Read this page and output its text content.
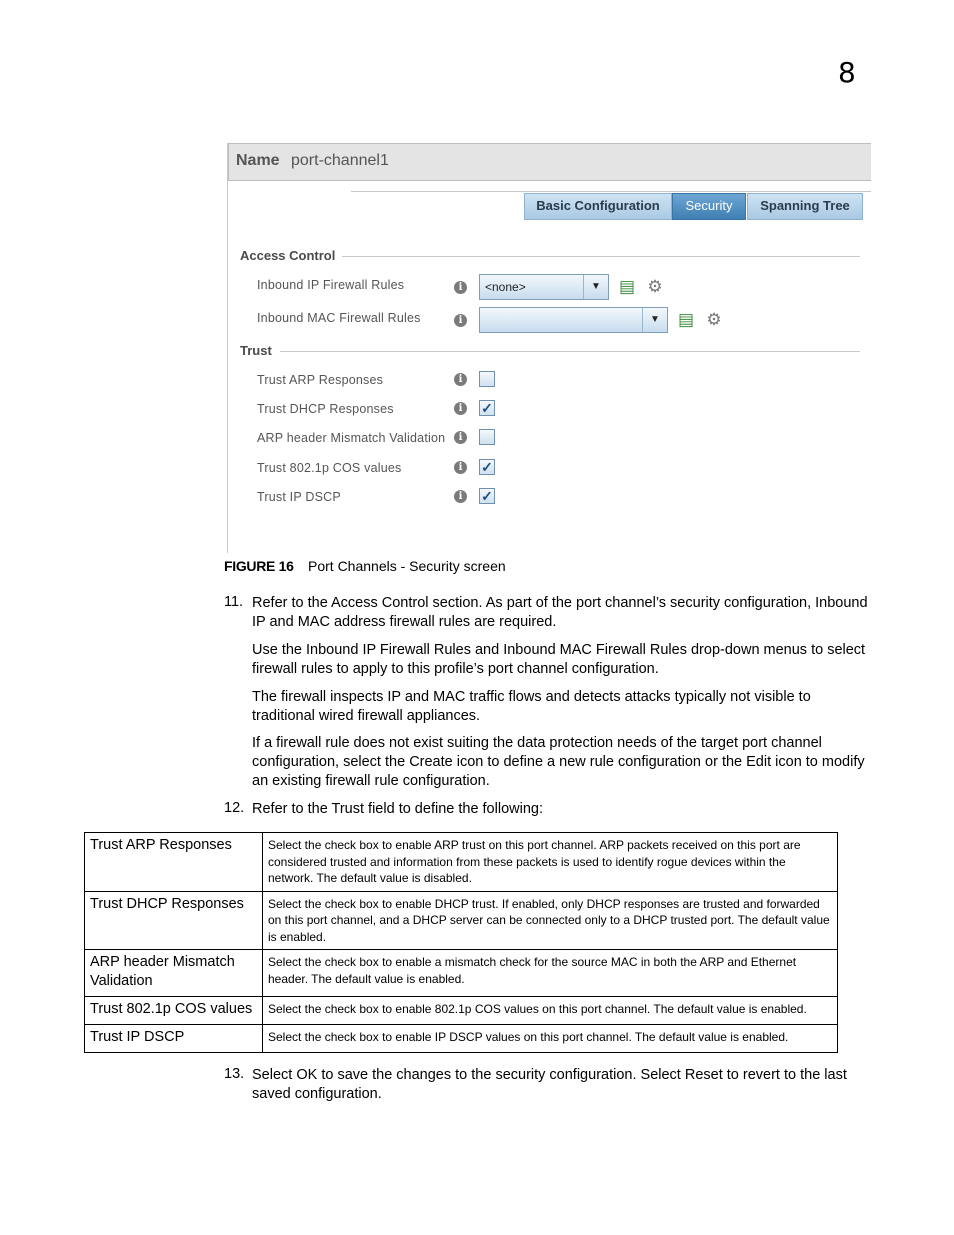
8
Name port-channel1
Basic Configuration	Security	Spanning Tree
Access Control
Inbound IP Firewall Rules	i	<none>	▼	▤ ⚙
Inbound MAC Firewall Rules	i	▼	▤ ⚙
Trust
Trust ARP Responses	i
Trust DHCP Responses	i	✓
ARP header Mismatch Validation	i
Trust 802.1p COS values	i	✓
Trust IP DSCP	i	✓
FIGURE 16 Port Channels - Security screen
11. Refer to the Access Control section. As part of the port channel’s security configuration, Inbound IP and MAC address firewall rules are required.
Use the Inbound IP Firewall Rules and Inbound MAC Firewall Rules drop-down menus to select firewall rules to apply to this profile’s port channel configuration.
The firewall inspects IP and MAC traffic flows and detects attacks typically not visible to traditional wired firewall appliances.
If a firewall rule does not exist suiting the data protection needs of the target port channel configuration, select the Create icon to define a new rule configuration or the Edit icon to modify an existing firewall rule configuration.
12. Refer to the Trust field to define the following:
Trust ARP Responses	Select the check box to enable ARP trust on this port channel. ARP packets received on this port are considered trusted and information from these packets is used to identify rogue devices within the network. The default value is disabled.
Trust DHCP Responses	Select the check box to enable DHCP trust. If enabled, only DHCP responses are trusted and forwarded on this port channel, and a DHCP server can be connected only to a DHCP trusted port. The default value is enabled.
ARP header Mismatch Validation	Select the check box to enable a mismatch check for the source MAC in both the ARP and Ethernet header. The default value is enabled.
Trust 802.1p COS values	Select the check box to enable 802.1p COS values on this port channel. The default value is enabled.
Trust IP DSCP	Select the check box to enable IP DSCP values on this port channel. The default value is enabled.
13. Select OK to save the changes to the security configuration. Select Reset to revert to the last saved configuration.
